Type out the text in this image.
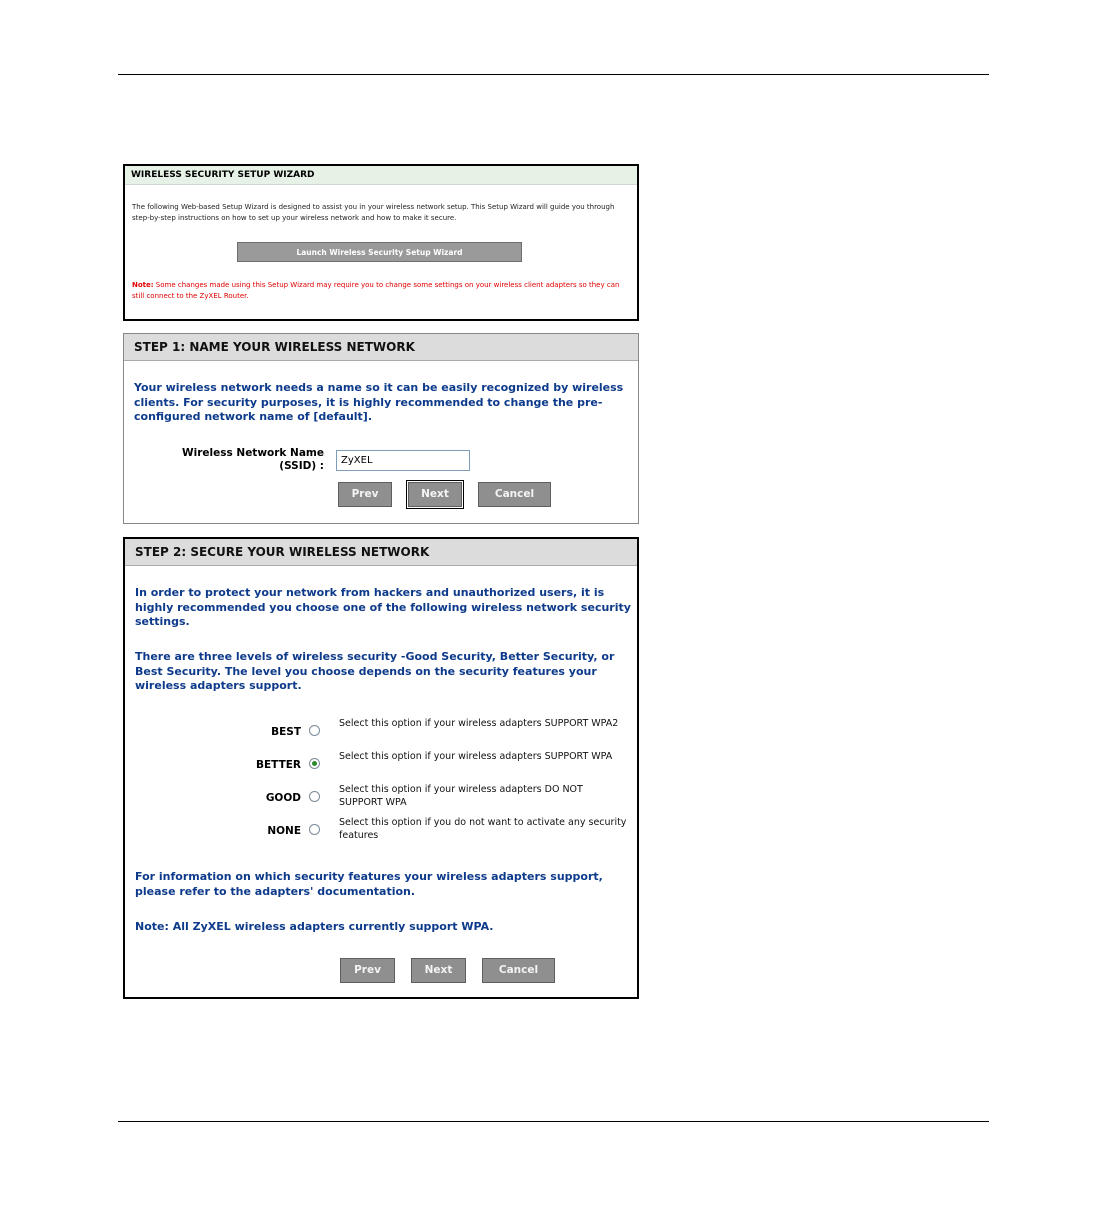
WIRELESS SECURITY SETUP WIZARD
The following Web-based Setup Wizard is designed to assist you in your wireless network setup. This Setup Wizard will guide you through step-by-step instructions on how to set up your wireless network and how to make it secure.
Launch Wireless Security Setup Wizard
Note: Some changes made using this Setup Wizard may require you to change some settings on your wireless client adapters so they can still connect to the ZyXEL Router.
STEP 1: NAME YOUR WIRELESS NETWORK
Your wireless network needs a name so it can be easily recognized by wireless clients. For security purposes, it is highly recommended to change the pre-configured network name of [default].
Wireless Network Name
(SSID) :
ZyXEL
Prev	Next	Cancel
STEP 2: SECURE YOUR WIRELESS NETWORK
In order to protect your network from hackers and unauthorized users, it is highly recommended you choose one of the following wireless network security settings.
There are three levels of wireless security -Good Security, Better Security, or Best Security. The level you choose depends on the security features your wireless adapters support.
BEST
Select this option if your wireless adapters SUPPORT WPA2
BETTER
Select this option if your wireless adapters SUPPORT WPA
GOOD
Select this option if your wireless adapters DO NOT SUPPORT WPA
NONE
Select this option if you do not want to activate any security features
For information on which security features your wireless adapters support, please refer to the adapters' documentation.
Note: All ZyXEL wireless adapters currently support WPA.
Prev	Next	Cancel
